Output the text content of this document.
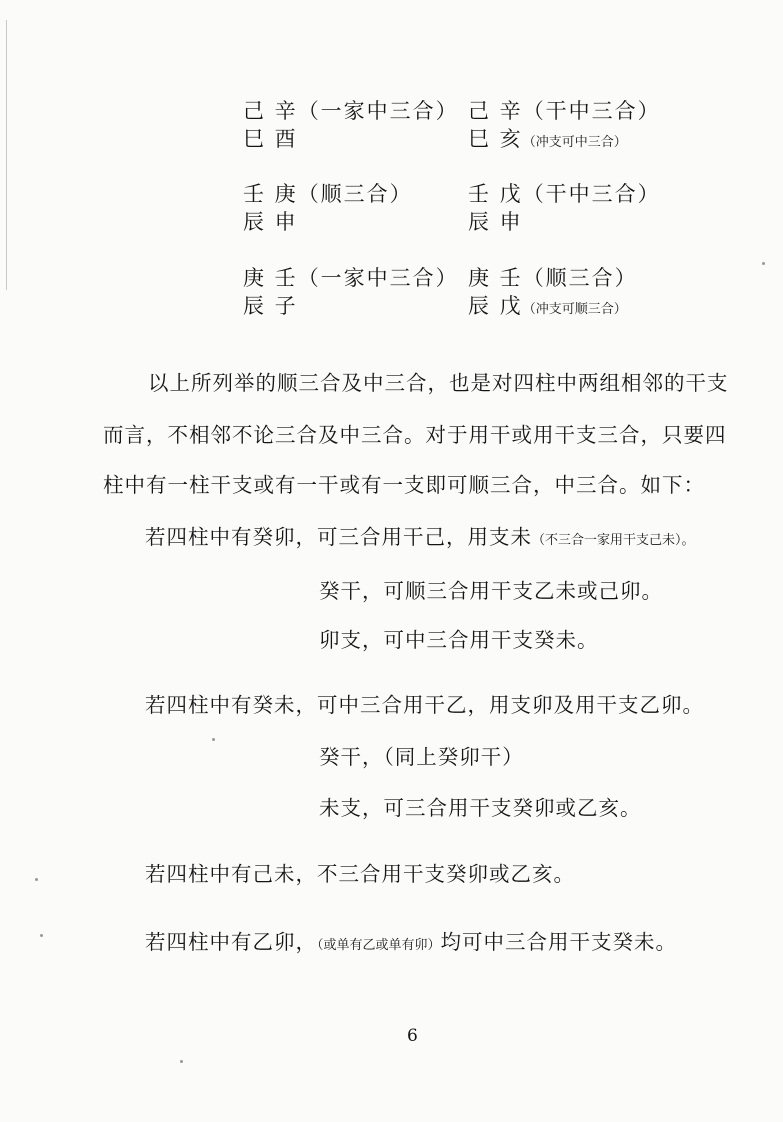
己 辛（一家中三合）
巳 酉
己 辛（干中三合）
巳 亥（冲支可中三合）
壬 庚（顺三合）
辰 申
壬 戊（干中三合）
辰 申
庚 壬（一家中三合）
辰 子
庚 壬（顺三合）
辰 戊（冲支可顺三合）
以上所列举的顺三合及中三合，也是对四柱中两组相邻的干支
而言，不相邻不论三合及中三合。对于用干或用干支三合，只要四
柱中有一柱干支或有一干或有一支即可顺三合，中三合。如下：
若四柱中有癸卯，可三合用干己，用支未（不三合一家用干支己未）。
癸干，可顺三合用干支乙未或己卯。
卯支，可中三合用干支癸未。
若四柱中有癸未，可中三合用干乙，用支卯及用干支乙卯。
癸干，（同上癸卯干）
未支，可三合用干支癸卯或乙亥。
若四柱中有己未，不三合用干支癸卯或乙亥。
若四柱中有乙卯，（或单有乙或单有卯）均可中三合用干支癸未。
6
